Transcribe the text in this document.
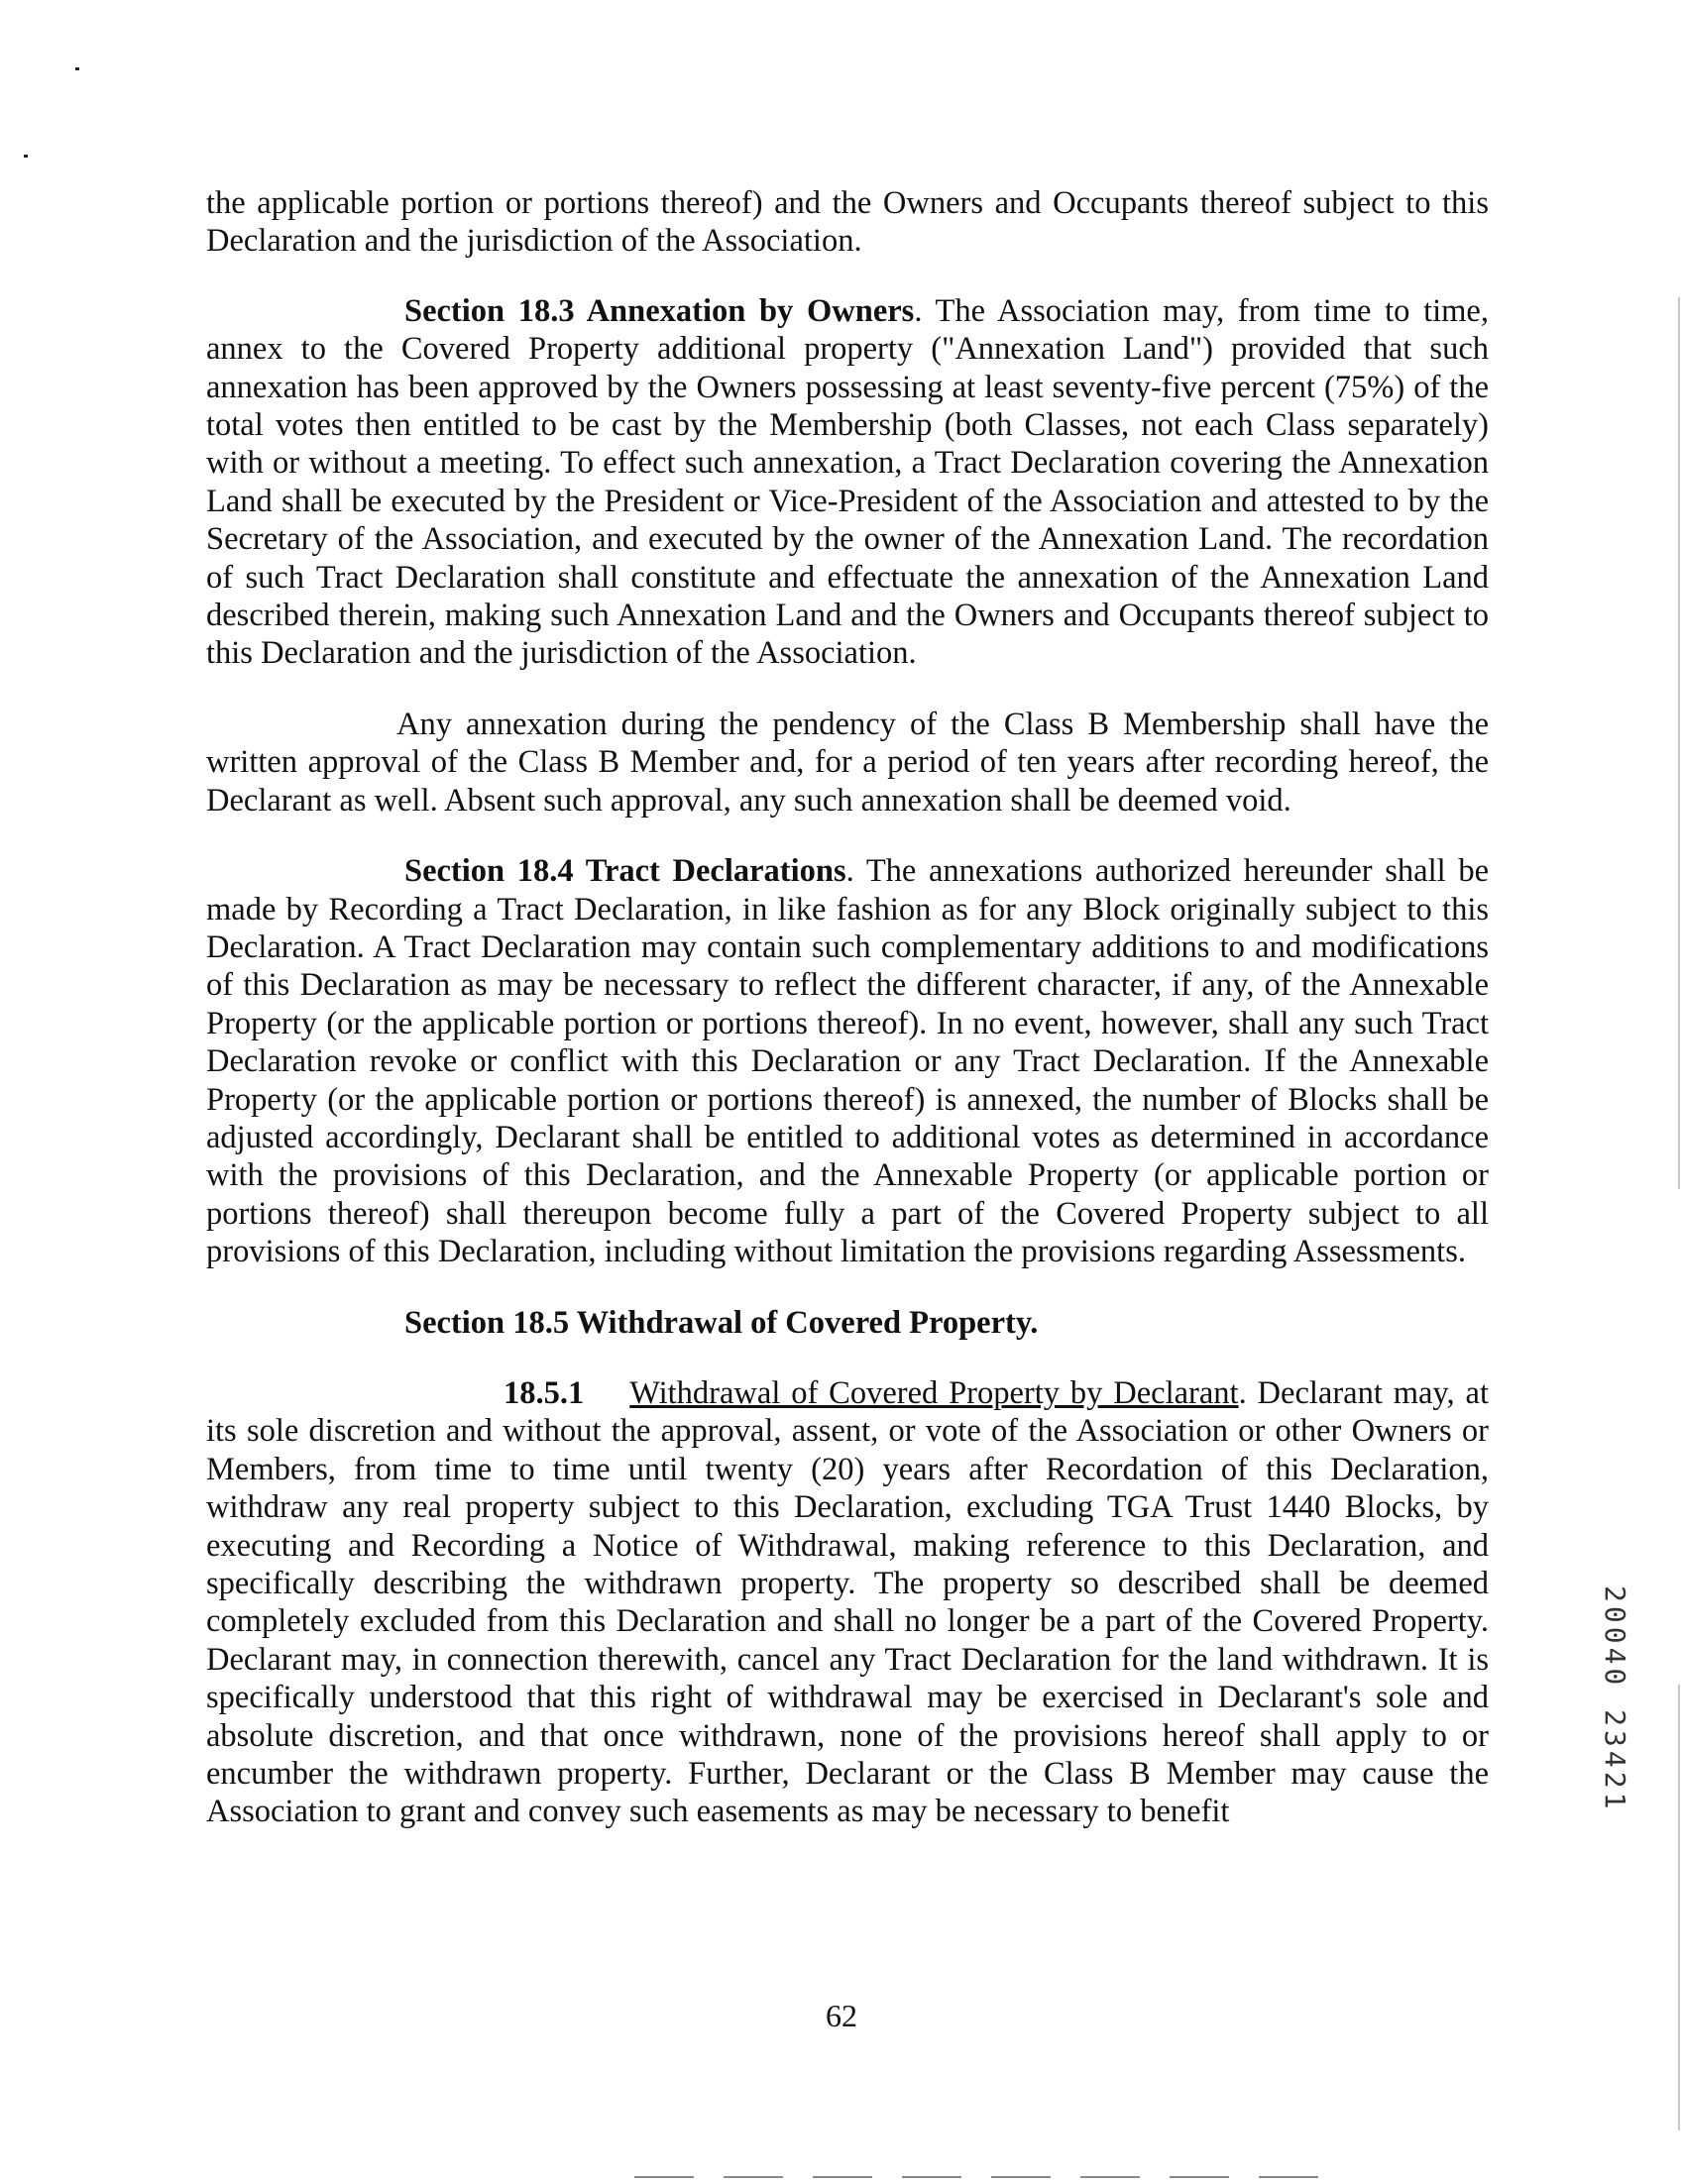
the applicable portion or portions thereof) and the Owners and Occupants thereof subject to this Declaration and the jurisdiction of the Association.

Section 18.3 Annexation by Owners. The Association may, from time to time, annex to the Covered Property additional property ("Annexation Land") provided that such annexation has been approved by the Owners possessing at least seventy-five percent (75%) of the total votes then entitled to be cast by the Membership (both Classes, not each Class separately) with or without a meeting. To effect such annexation, a Tract Declaration covering the Annexation Land shall be executed by the President or Vice-President of the Association and attested to by the Secretary of the Association, and executed by the owner of the Annexation Land. The recordation of such Tract Declaration shall constitute and effectuate the annexation of the Annexation Land described therein, making such Annexation Land and the Owners and Occupants thereof subject to this Declaration and the jurisdiction of the Association.

Any annexation during the pendency of the Class B Membership shall have the written approval of the Class B Member and, for a period of ten years after recording hereof, the Declarant as well. Absent such approval, any such annexation shall be deemed void.

Section 18.4 Tract Declarations. The annexations authorized hereunder shall be made by Recording a Tract Declaration, in like fashion as for any Block originally subject to this Declaration. A Tract Declaration may contain such complementary additions to and modifications of this Declaration as may be necessary to reflect the different character, if any, of the Annexable Property (or the applicable portion or portions thereof). In no event, however, shall any such Tract Declaration revoke or conflict with this Declaration or any Tract Declaration. If the Annexable Property (or the applicable portion or portions thereof) is annexed, the number of Blocks shall be adjusted accordingly, Declarant shall be entitled to additional votes as determined in accordance with the provisions of this Declaration, and the Annexable Property (or applicable portion or portions thereof) shall thereupon become fully a part of the Covered Property subject to all provisions of this Declaration, including without limitation the provisions regarding Assessments.

Section 18.5 Withdrawal of Covered Property.

18.5.1 Withdrawal of Covered Property by Declarant. Declarant may, at its sole discretion and without the approval, assent, or vote of the Association or other Owners or Members, from time to time until twenty (20) years after Recordation of this Declaration, withdraw any real property subject to this Declaration, excluding TGA Trust 1440 Blocks, by executing and Recording a Notice of Withdrawal, making reference to this Declaration, and specifically describing the withdrawn property. The property so described shall be deemed completely excluded from this Declaration and shall no longer be a part of the Covered Property. Declarant may, in connection therewith, cancel any Tract Declaration for the land withdrawn. It is specifically understood that this right of withdrawal may be exercised in Declarant's sole and absolute discretion, and that once withdrawn, none of the provisions hereof shall apply to or encumber the withdrawn property. Further, Declarant or the Class B Member may cause the Association to grant and convey such easements as may be necessary to benefit

62
20040 23421
